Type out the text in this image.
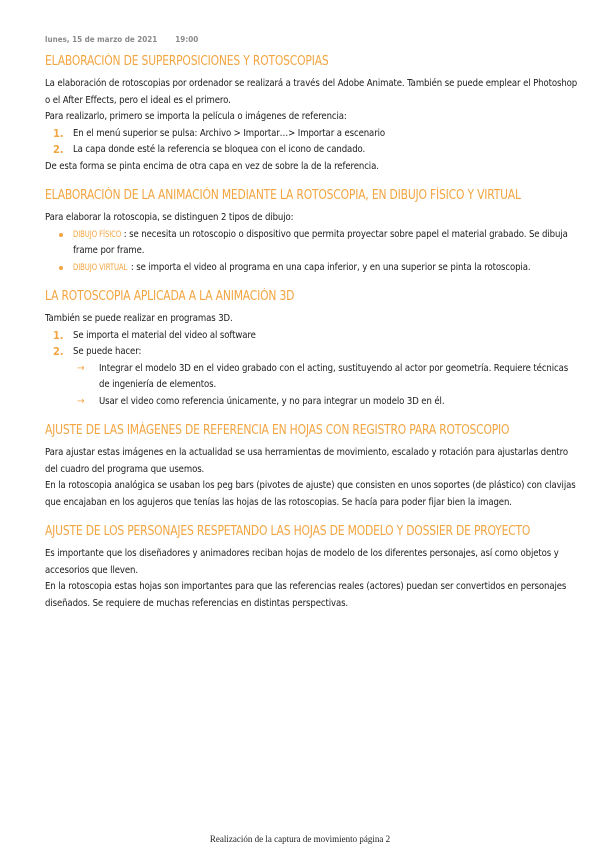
lunes, 15 de marzo de 2021 19:00
ELABORACIÓN DE SUPERPOSICIONES Y ROTOSCOPIAS

La elaboración de rotoscopias por ordenador se realizará a través del Adobe Animate. También se puede emplear el Photoshop o el After Effects, pero el ideal es el primero.

Para realizarlo, primero se importa la película o imágenes de referencia:

1. En el menú superior se pulsa: Archivo > Importar…> Importar a escenario
2. La capa donde esté la referencia se bloquea con el icono de candado.

De esta forma se pinta encima de otra capa en vez de sobre la de la referencia.

ELABORACIÓN DE LA ANIMACIÓN MEDIANTE LA ROTOSCOPIA, EN DIBUJO FÍSICO Y VIRTUAL

Para elaborar la rotoscopia, se distinguen 2 tipos de dibujo:

DIBUJO FÍSICO : se necesita un rotoscopio o dispositivo que permita proyectar sobre papel el material grabado. Se dibuja frame por frame.
DIBUJO VIRTUAL : se importa el video al programa en una capa inferior, y en una superior se pinta la rotoscopia.
LA ROTOSCOPIA APLICADA A LA ANIMACIÓN 3D

También se puede realizar en programas 3D.

1. Se importa el material del video al software
2. Se puede hacer:
→ Integrar el modelo 3D en el video grabado con el acting, sustituyendo al actor por geometría. Requiere técnicas de ingeniería de elementos.
→ Usar el video como referencia únicamente, y no para integrar un modelo 3D en él.
AJUSTE DE LAS IMÁGENES DE REFERENCIA EN HOJAS CON REGISTRO PARA ROTOSCOPIO

Para ajustar estas imágenes en la actualidad se usa herramientas de movimiento, escalado y rotación para ajustarlas dentro del cuadro del programa que usemos.

En la rotoscopia analógica se usaban los peg bars (pivotes de ajuste) que consisten en unos soportes (de plástico) con clavijas que encajaban en los agujeros que tenías las hojas de las rotoscopias. Se hacía para poder fijar bien la imagen.

AJUSTE DE LOS PERSONAJES RESPETANDO LAS HOJAS DE MODELO Y DOSSIER DE PROYECTO

Es importante que los diseñadores y animadores reciban hojas de modelo de los diferentes personajes, así como objetos y accesorios que lleven.

En la rotoscopia estas hojas son importantes para que las referencias reales (actores) puedan ser convertidos en personajes diseñados. Se requiere de muchas referencias en distintas perspectivas.

Realización de la captura de movimiento página 2
